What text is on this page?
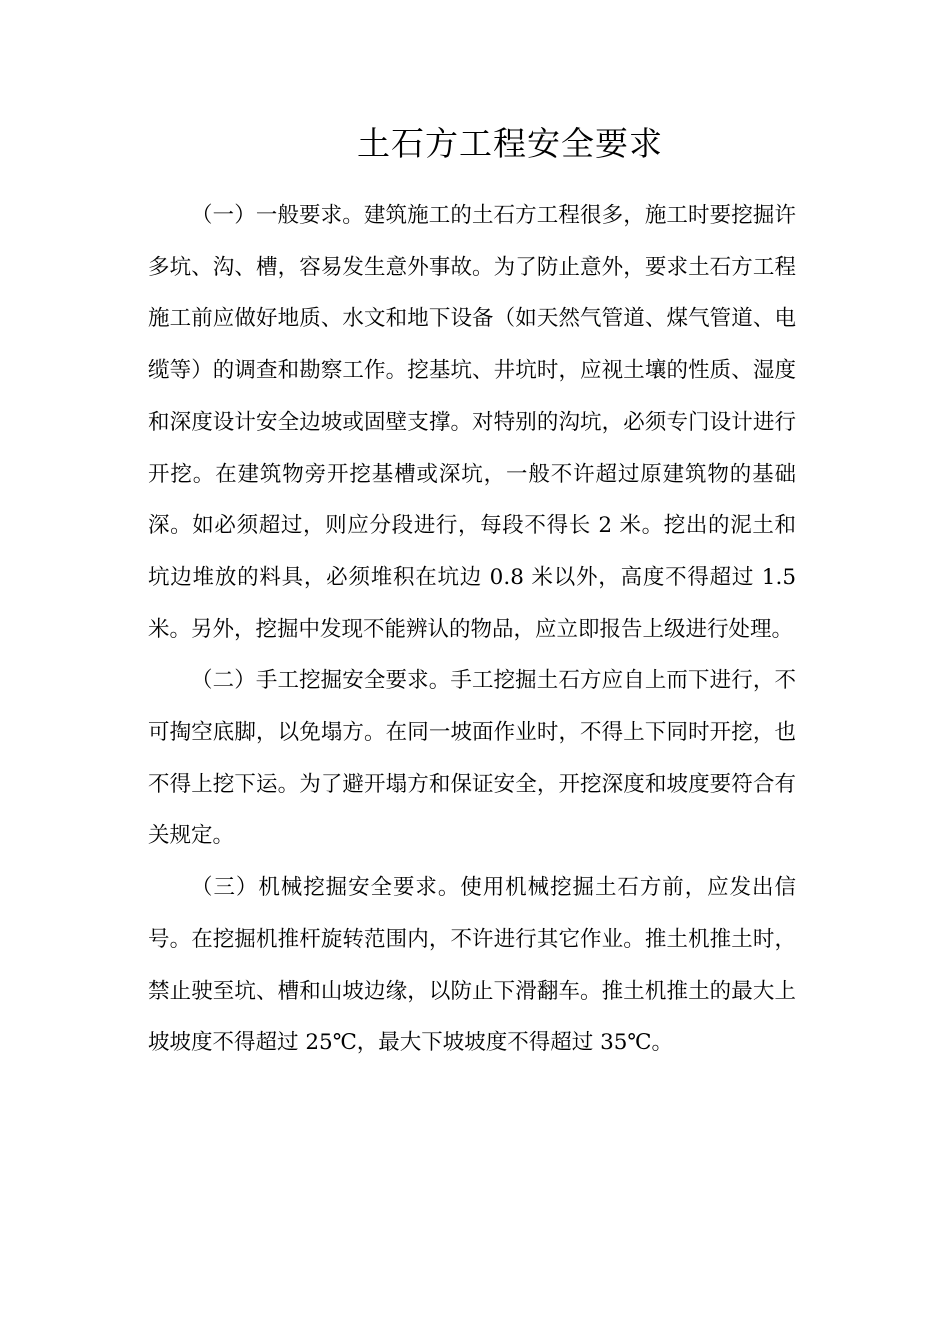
土石方工程安全要求

（一）一般要求。建筑施工的土石方工程很多，施工时要挖掘许多坑、沟、槽，容易发生意外事故。为了防止意外，要求土石方工程施工前应做好地质、水文和地下设备（如天然气管道、煤气管道、电缆等）的调查和勘察工作。挖基坑、井坑时，应视土壤的性质、湿度和深度设计安全边坡或固壁支撑。对特别的沟坑，必须专门设计进行开挖。在建筑物旁开挖基槽或深坑，一般不许超过原建筑物的基础深。如必须超过，则应分段进行，每段不得长 2 米。挖出的泥土和坑边堆放的料具，必须堆积在坑边 0.8 米以外，高度不得超过 1.5 米。另外，挖掘中发现不能辨认的物品，应立即报告上级进行处理。

（二）手工挖掘安全要求。手工挖掘土石方应自上而下进行，不可掏空底脚，以免塌方。在同一坡面作业时，不得上下同时开挖，也不得上挖下运。为了避开塌方和保证安全，开挖深度和坡度要符合有关规定。

（三）机械挖掘安全要求。使用机械挖掘土石方前，应发出信号。在挖掘机推杆旋转范围内，不许进行其它作业。推土机推土时，禁止驶至坑、槽和山坡边缘，以防止下滑翻车。推土机推土的最大上坡坡度不得超过 25℃，最大下坡坡度不得超过 35℃。
